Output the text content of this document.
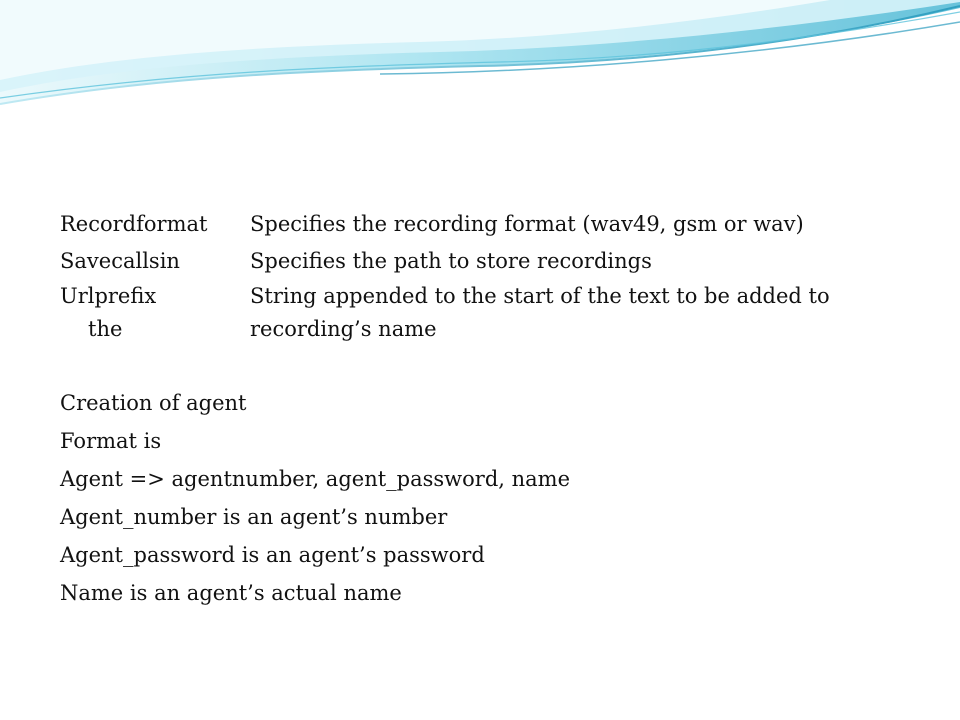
Recordformat	Specifies the recording format (wav49, gsm or wav)
Savecallsin	Specifies the path to store recordings
Urlprefix
the
String appended to the start of the text to be added to
recording’s name
Creation of agent
Format is
Agent => agentnumber, agent_password, name
Agent_number is an agent’s number
Agent_password is an agent’s password
Name is an agent’s actual name
